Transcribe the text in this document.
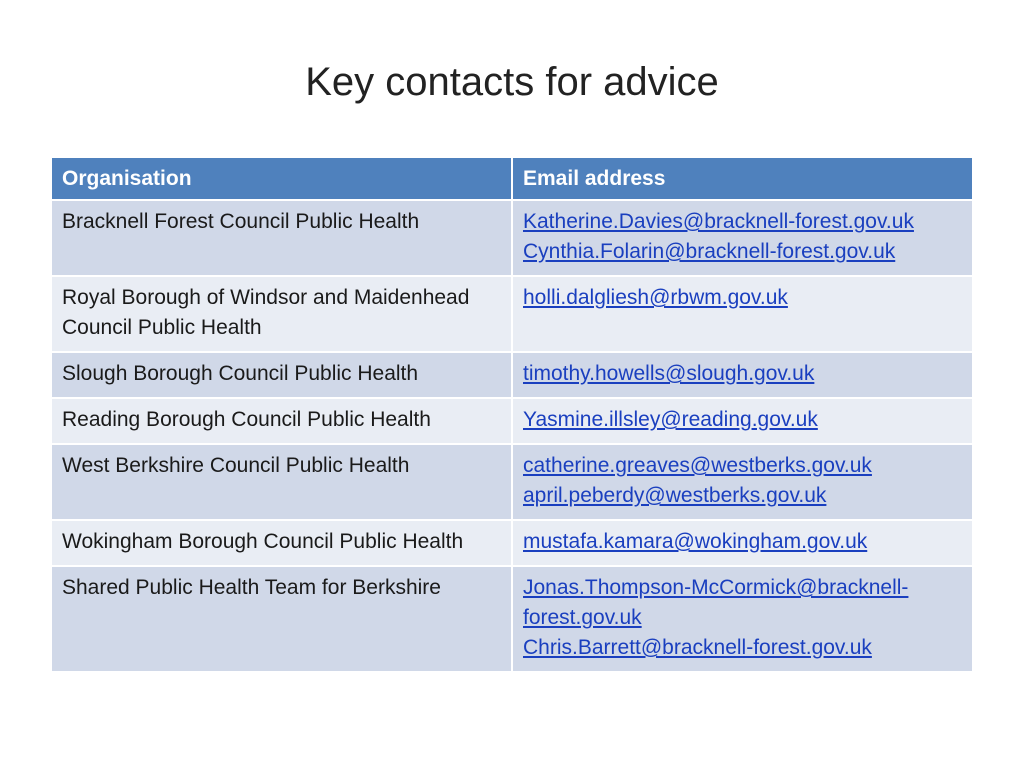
Key contacts for advice
Organisation	Email address
Bracknell Forest Council Public Health	Katherine.Davies@bracknell-forest.gov.uk
Cynthia.Folarin@bracknell-forest.gov.uk

Royal Borough of Windsor and Maidenhead Council Public Health	holli.dalgliesh@rbwm.gov.uk

Slough Borough Council Public Health	timothy.howells@slough.gov.uk

Reading Borough Council Public Health	Yasmine.illsley@reading.gov.uk

West Berkshire Council Public Health	catherine.greaves@westberks.gov.uk
april.peberdy@westberks.gov.uk

Wokingham Borough Council Public Health	mustafa.kamara@wokingham.gov.uk

Shared Public Health Team for Berkshire	Jonas.Thompson-McCormick@bracknell-forest.gov.uk
Chris.Barrett@bracknell-forest.gov.uk
